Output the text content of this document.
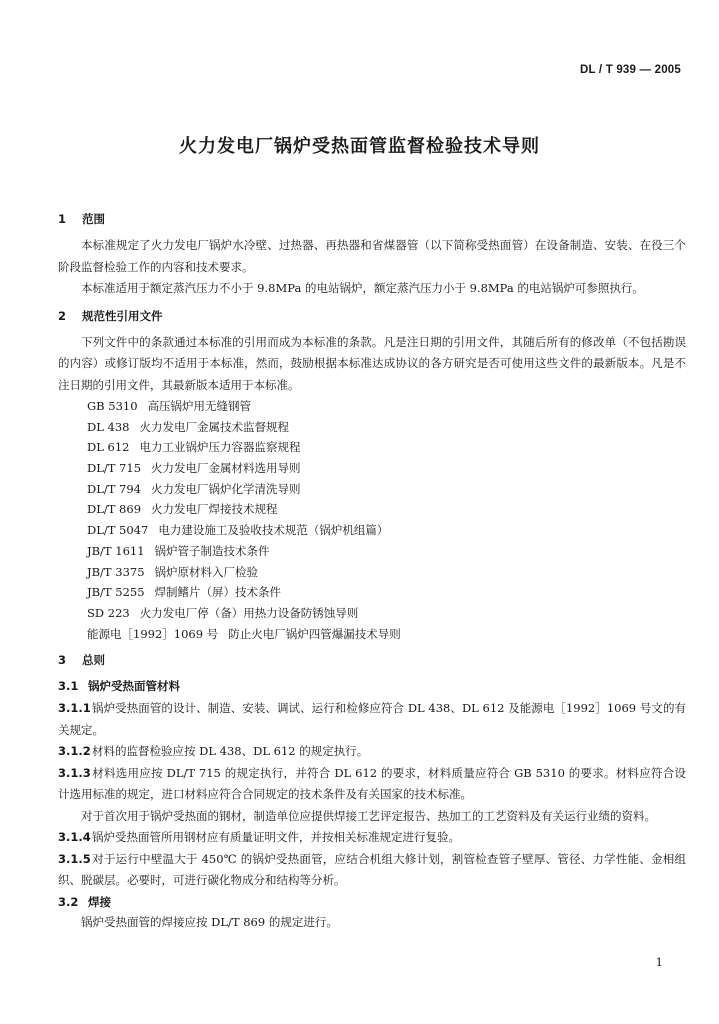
DL / T 939 — 2005
火力发电厂锅炉受热面管监督检验技术导则
1 范围

本标准规定了火力发电厂锅炉水冷壁、过热器、再热器和省煤器管（以下简称受热面管）在设备制造、安装、在役三个阶段监督检验工作的内容和技术要求。

本标准适用于额定蒸汽压力不小于 9.8MPa 的电站锅炉，额定蒸汽压力小于 9.8MPa 的电站锅炉可参照执行。

2 规范性引用文件

下列文件中的条款通过本标准的引用而成为本标准的条款。凡是注日期的引用文件，其随后所有的修改单（不包括勘误的内容）或修订版均不适用于本标准，然而，鼓励根据本标准达成协议的各方研究是否可使用这些文件的最新版本。凡是不注日期的引用文件，其最新版本适用于本标准。

GB 5310 高压锅炉用无缝钢管
DL 438 火力发电厂金属技术监督规程
DL 612 电力工业锅炉压力容器监察规程
DL/T 715 火力发电厂金属材料选用导则
DL/T 794 火力发电厂锅炉化学清洗导则
DL/T 869 火力发电厂焊接技术规程
DL/T 5047 电力建设施工及验收技术规范（锅炉机组篇）
JB/T 1611 锅炉管子制造技术条件
JB/T 3375 锅炉原材料入厂检验
JB/T 5255 焊制鳍片（屏）技术条件
SD 223 火力发电厂停（备）用热力设备防锈蚀导则
能源电［1992］1069 号 防止火电厂锅炉四管爆漏技术导则
3 总则
3.1 锅炉受热面管材料

3.1.1锅炉受热面管的设计、制造、安装、调试、运行和检修应符合 DL 438、DL 612 及能源电［1992］1069 号文的有关规定。

3.1.2材料的监督检验应按 DL 438、DL 612 的规定执行。

3.1.3材料选用应按 DL/T 715 的规定执行，并符合 DL 612 的要求，材料质量应符合 GB 5310 的要求。材料应符合设计选用标准的规定，进口材料应符合合同规定的技术条件及有关国家的技术标准。

对于首次用于锅炉受热面的钢材，制造单位应提供焊接工艺评定报告、热加工的工艺资料及有关运行业绩的资料。

3.1.4锅炉受热面管所用钢材应有质量证明文件，并按相关标准规定进行复验。

3.1.5对于运行中壁温大于 450℃ 的锅炉受热面管，应结合机组大修计划，割管检查管子壁厚、管径、力学性能、金相组织、脱碳层。必要时，可进行碳化物成分和结构等分析。

3.2 焊接

锅炉受热面管的焊接应按 DL/T 869 的规定进行。

1
